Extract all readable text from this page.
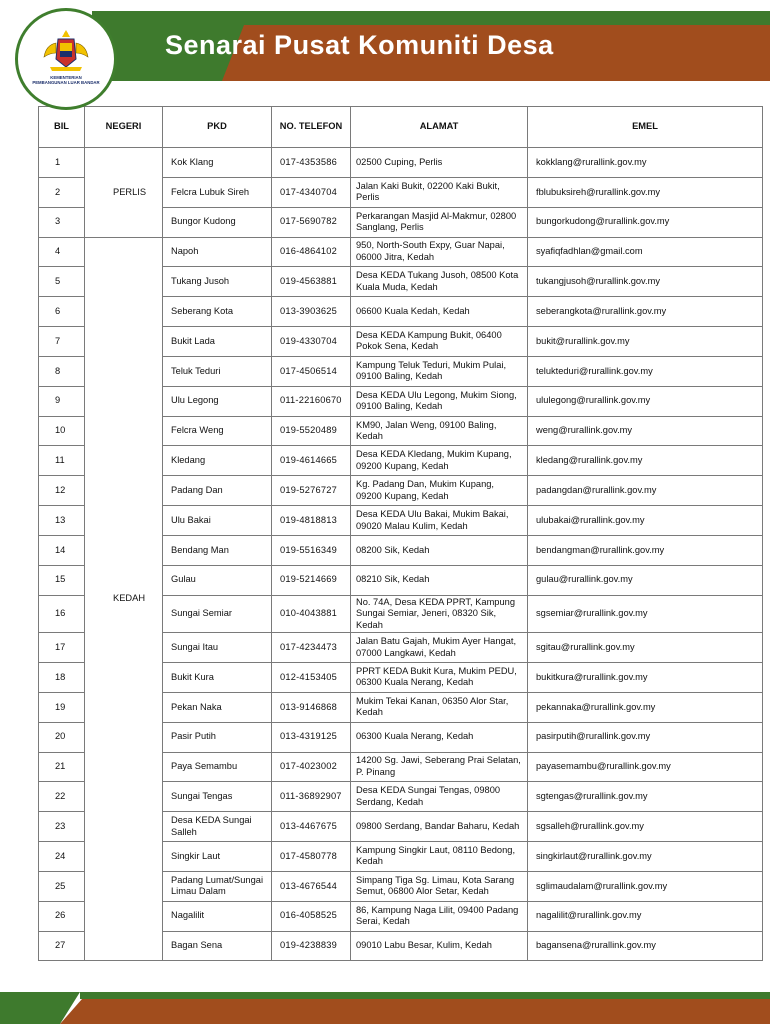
Senarai Pusat Komuniti Desa
KEMENTERIAN
PEMBANGUNAN LUAR BANDAR
BIL	NEGERI	PKD	NO. TELEFON	ALAMAT	EMEL
1	PERLIS	Kok Klang	017-4353586	02500 Cuping, Perlis	kokklang@rurallink.gov.my
2		Felcra Lubuk Sireh	017-4340704	Jalan Kaki Bukit, 02200 Kaki Bukit, Perlis	fblubuksireh@rurallink.gov.my
3		Bungor Kudong	017-5690782	Perkarangan Masjid Al-Makmur, 02800 Sanglang, Perlis	bungorkudong@rurallink.gov.my
4	KEDAH	Napoh	016-4864102	950, North-South Expy, Guar Napai, 06000 Jitra, Kedah	syafiqfadhlan@gmail.com
5		Tukang Jusoh	019-4563881	Desa KEDA Tukang Jusoh, 08500 Kota Kuala Muda, Kedah	tukangjusoh@rurallink.gov.my
6		Seberang Kota	013-3903625	06600 Kuala Kedah, Kedah	seberangkota@rurallink.gov.my
7		Bukit Lada	019-4330704	Desa KEDA Kampung Bukit, 06400 Pokok Sena, Kedah	bukit@rurallink.gov.my
8		Teluk Teduri	017-4506514	Kampung Teluk Teduri, Mukim Pulai, 09100 Baling, Kedah	telukteduri@rurallink.gov.my
9		Ulu Legong	011-22160670	Desa KEDA Ulu Legong, Mukim Siong, 09100 Baling, Kedah	ululegong@rurallink.gov.my
10		Felcra Weng	019-5520489	KM90, Jalan Weng, 09100 Baling, Kedah	weng@rurallink.gov.my
11		Kledang	019-4614665	Desa KEDA Kledang, Mukim Kupang, 09200 Kupang, Kedah	kledang@rurallink.gov.my
12		Padang Dan	019-5276727	Kg. Padang Dan, Mukim Kupang, 09200 Kupang, Kedah	padangdan@rurallink.gov.my
13		Ulu Bakai	019-4818813	Desa KEDA Ulu Bakai, Mukim Bakai, 09020 Malau Kulim, Kedah	ulubakai@rurallink.gov.my
14		Bendang Man	019-5516349	08200 Sik, Kedah	bendangman@rurallink.gov.my
15		Gulau	019-5214669	08210 Sik, Kedah	gulau@rurallink.gov.my
16		Sungai Semiar	010-4043881	No. 74A, Desa KEDA PPRT, Kampung Sungai Semiar, Jeneri, 08320 Sik, Kedah	sgsemiar@rurallink.gov.my
17		Sungai Itau	017-4234473	Jalan Batu Gajah, Mukim Ayer Hangat, 07000 Langkawi, Kedah	sgitau@rurallink.gov.my
18		Bukit Kura	012-4153405	PPRT KEDA Bukit Kura, Mukim PEDU, 06300 Kuala Nerang, Kedah	bukitkura@rurallink.gov.my
19		Pekan Naka	013-9146868	Mukim Tekai Kanan, 06350 Alor Star, Kedah	pekannaka@rurallink.gov.my
20		Pasir Putih	013-4319125	06300 Kuala Nerang, Kedah	pasirputih@rurallink.gov.my
21		Paya Semambu	017-4023002	14200 Sg. Jawi, Seberang Prai Selatan, P. Pinang	payasemambu@rurallink.gov.my
22		Sungai Tengas	011-36892907	Desa KEDA Sungai Tengas, 09800 Serdang, Kedah	sgtengas@rurallink.gov.my
23		Desa KEDA Sungai Salleh	013-4467675	09800 Serdang, Bandar Baharu, Kedah	sgsalleh@rurallink.gov.my
24		Singkir Laut	017-4580778	Kampung Singkir Laut, 08110 Bedong, Kedah	singkirlaut@rurallink.gov.my
25		Padang Lumat/Sungai Limau Dalam	013-4676544	Simpang Tiga Sg. Limau, Kota Sarang Semut, 06800 Alor Setar, Kedah	sglimaudalam@rurallink.gov.my
26		Nagalilit	016-4058525	86, Kampung Naga Lilit, 09400 Padang Serai, Kedah	nagalilit@rurallink.gov.my
27		Bagan Sena	019-4238839	09010 Labu Besar, Kulim, Kedah	bagansena@rurallink.gov.my
